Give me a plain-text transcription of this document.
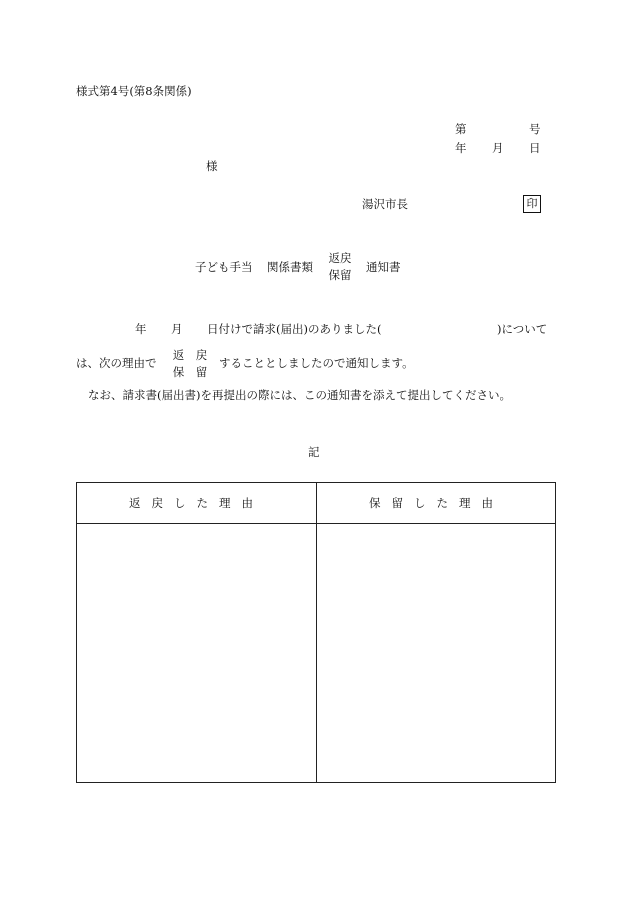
様式第4号(第8条関係)
第	号
年 月 日
様
湯沢市長	印
子ども手当 関係書類
返戻
保留
通知書
年 月 日付けで請求(届出)のありました(	)について
は、次の理由で
返　戻
保　留
することとしましたので通知します。
なお、請求書(届出書)を再提出の際には、この通知書を添えて提出してください。
記
返戻した理由	保留した理由
